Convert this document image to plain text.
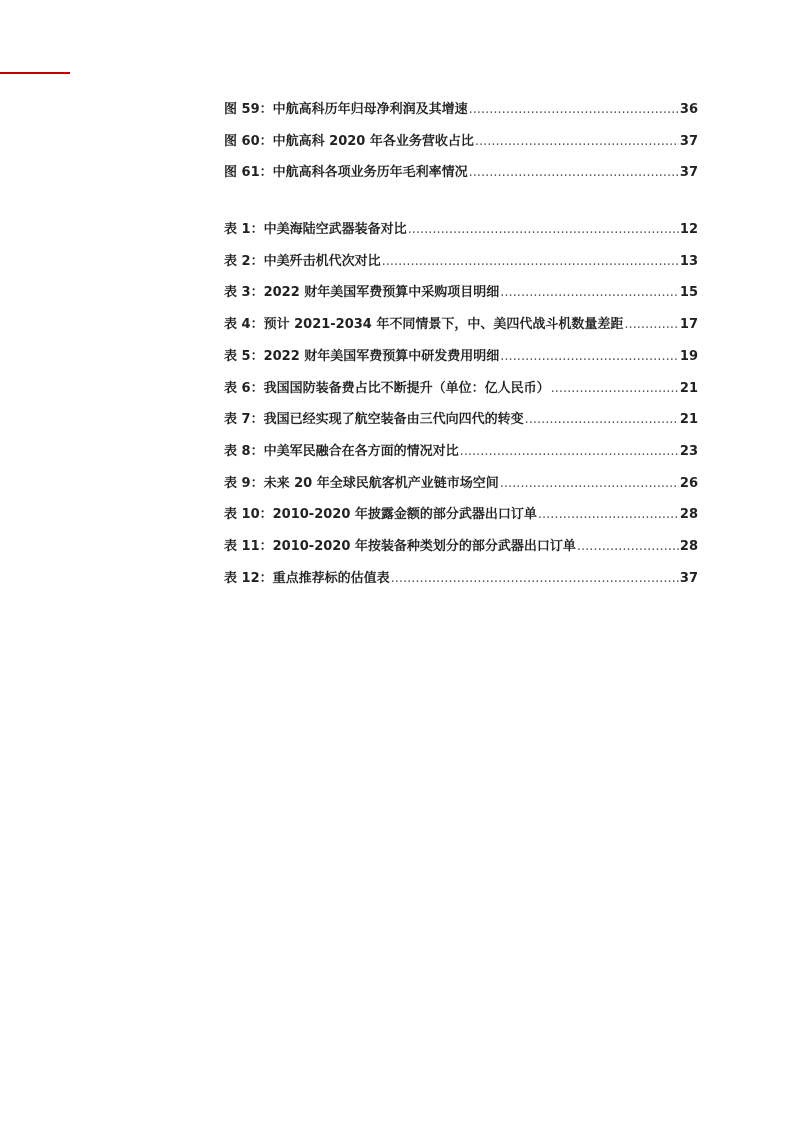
图 59：中航高科历年归母净利润及其增速 .....	36
图 60：中航高科 2020 年各业务营收占比 .....	37
图 61：中航高科各项业务历年毛利率情况 .....	37
表 1：中美海陆空武器装备对比 .....	12
表 2：中美歼击机代次对比 .....	13
表 3：2022 财年美国军费预算中采购项目明细 .....	15
表 4：预计 2021-2034 年不同情景下，中、美四代战斗机数量差距 .....	17
表 5：2022 财年美国军费预算中研发费用明细 .....	19
表 6：我国国防装备费占比不断提升（单位：亿人民币） .....	21
表 7：我国已经实现了航空装备由三代向四代的转变 .....	21
表 8：中美军民融合在各方面的情况对比 .....	23
表 9：未来 20 年全球民航客机产业链市场空间 .....	26
表 10：2010-2020 年披露金额的部分武器出口订单 .....	28
表 11：2010-2020 年按装备种类划分的部分武器出口订单 .....	28
表 12：重点推荐标的估值表 .....	37
